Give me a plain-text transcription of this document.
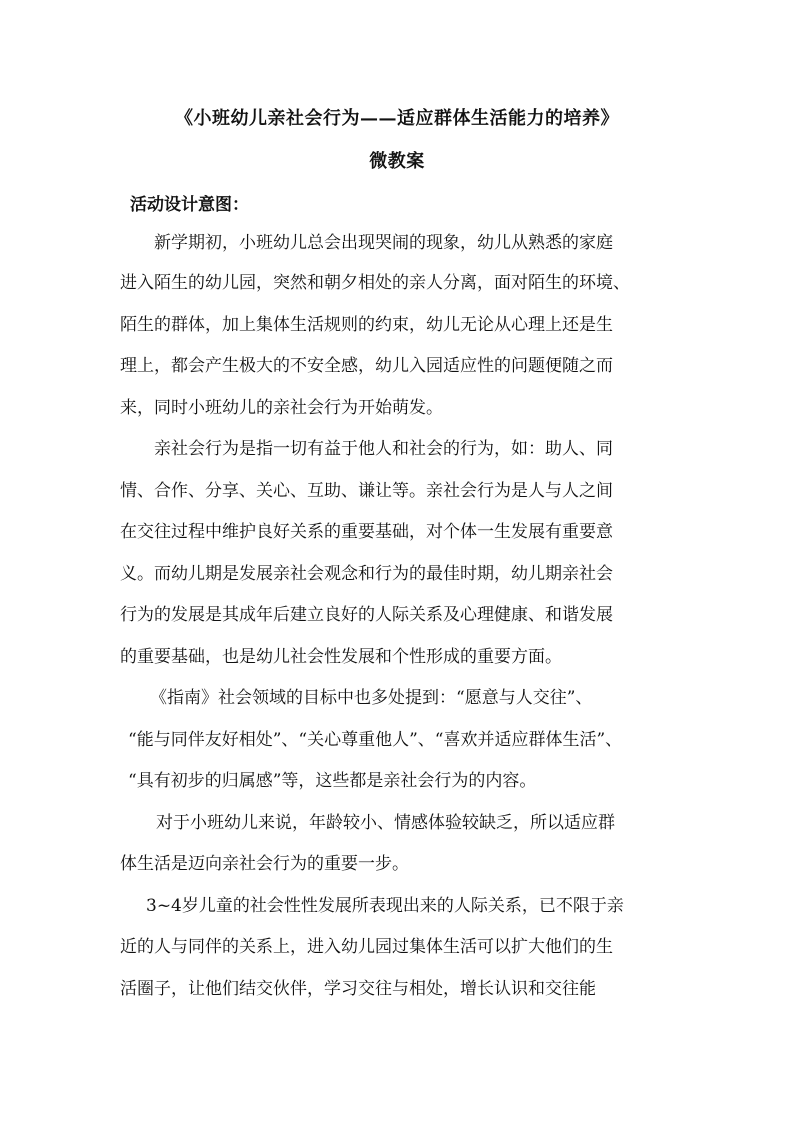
《小班幼儿亲社会行为——适应群体生活能力的培养》
微教案
活动设计意图：
新学期初，小班幼儿总会出现哭闹的现象，幼儿从熟悉的家庭
进入陌生的幼儿园，突然和朝夕相处的亲人分离，面对陌生的环境、
陌生的群体，加上集体生活规则的约束，幼儿无论从心理上还是生
理上，都会产生极大的不安全感，幼儿入园适应性的问题便随之而
来，同时小班幼儿的亲社会行为开始萌发。
亲社会行为是指一切有益于他人和社会的行为，如：助人、同
情、合作、分享、关心、互助、谦让等。亲社会行为是人与人之间
在交往过程中维护良好关系的重要基础，对个体一生发展有重要意
义。而幼儿期是发展亲社会观念和行为的最佳时期，幼儿期亲社会
行为的发展是其成年后建立良好的人际关系及心理健康、和谐发展
的重要基础，也是幼儿社会性发展和个性形成的重要方面。
《指南》社会领域的目标中也多处提到：“愿意与人交往”、
“能与同伴友好相处”、“关心尊重他人”、“喜欢并适应群体生活”、
“具有初步的归属感”等，这些都是亲社会行为的内容。
对于小班幼儿来说，年龄较小、情感体验较缺乏，所以适应群
体生活是迈向亲社会行为的重要一步。
3~4岁儿童的社会性性发展所表现出来的人际关系，已不限于亲
近的人与同伴的关系上，进入幼儿园过集体生活可以扩大他们的生
活圈子，让他们结交伙伴，学习交往与相处，增长认识和交往能
